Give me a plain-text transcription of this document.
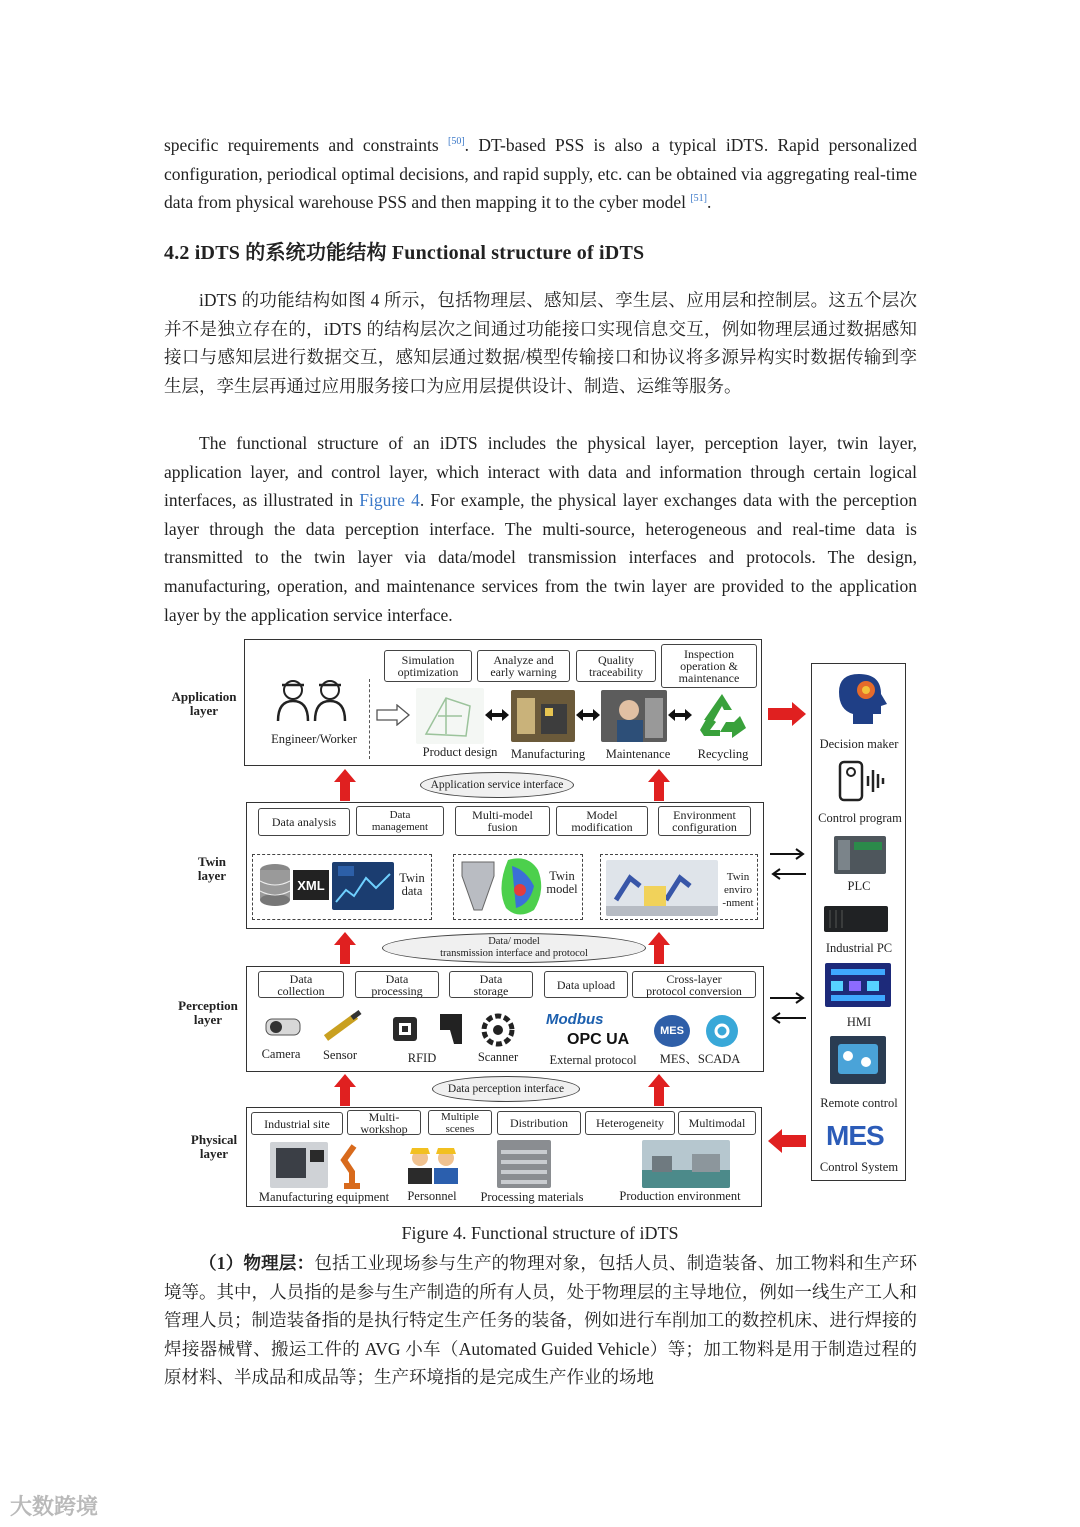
specific requirements and constraints [50]. DT-based PSS is also a typical iDTS. Rapid personalized configuration, periodical optimal decisions, and rapid supply, etc. can be obtained via aggregating real-time data from physical warehouse PSS and then mapping it to the cyber model [51].

4.2 iDTS 的系统功能结构 Functional structure of iDTS

iDTS 的功能结构如图 4 所示，包括物理层、感知层、孪生层、应用层和控制层。这五个层次并不是独立存在的，iDTS 的结构层次之间通过功能接口实现信息交互，例如物理层通过数据感知接口与感知层进行数据交互，感知层通过数据/模型传输接口和协议将多源异构实时数据传输到孪生层，孪生层再通过应用服务接口为应用层提供设计、制造、运维等服务。

The functional structure of an iDTS includes the physical layer, perception layer, twin layer, application layer, and control layer, which interact with data and information through certain logical interfaces, as illustrated in Figure 4. For example, the physical layer exchanges data with the perception layer through the data perception interface. The multi-source, heterogeneous and real-time data is transmitted to the twin layer via data/model transmission interfaces and protocols. The design, manufacturing, operation, and maintenance services from the twin layer are provided to the application layer by the application service interface.

Application
layer
Twin
layer
Perception
layer
Physical
layer
Simulation
optimization
Analyze and
early warning
Quality
traceability
Inspection
operation &
maintenance
Engineer/Worker
Product design	Manufacturing	Maintenance	Recycling
Application service interface
Data analysis	Data
management
Multi-model
fusion
Model
modification
Environment
configuration
XML	Twin
data
Twin
model
Twin
enviro
-nment
Data/ model
transmission interface and protocol
Data
collection
Data
processing
Data
storage	Data upload	Cross-layer
protocol conversion
Modbus
OPC UA	MES
Camera	Sensor	RFID	Scanner	External protocol	MES、SCADA
Data perception interface
Industrial site	Multi-
workshop
Multiple
scenes	Distribution	Heterogeneity	Multimodal
Manufacturing equipment	Personnel	Processing materials	Production environment
Decision maker
Control program
PLC
Industrial PC
HMI
Remote control
MES
Control System
Figure 4. Functional structure of iDTS

（1）物理层：包括工业现场参与生产的物理对象，包括人员、制造装备、加工物料和生产环境等。其中，人员指的是参与生产制造的所有人员，处于物理层的主导地位，例如一线生产工人和管理人员；制造装备指的是执行特定生产任务的装备，例如进行车削加工的数控机床、进行焊接的焊接器械臂、搬运工件的 AVG 小车（Automated Guided Vehicle）等；加工物料是用于制造过程的原材料、半成品和成品等；生产环境指的是完成生产作业的场地

大数跨境
